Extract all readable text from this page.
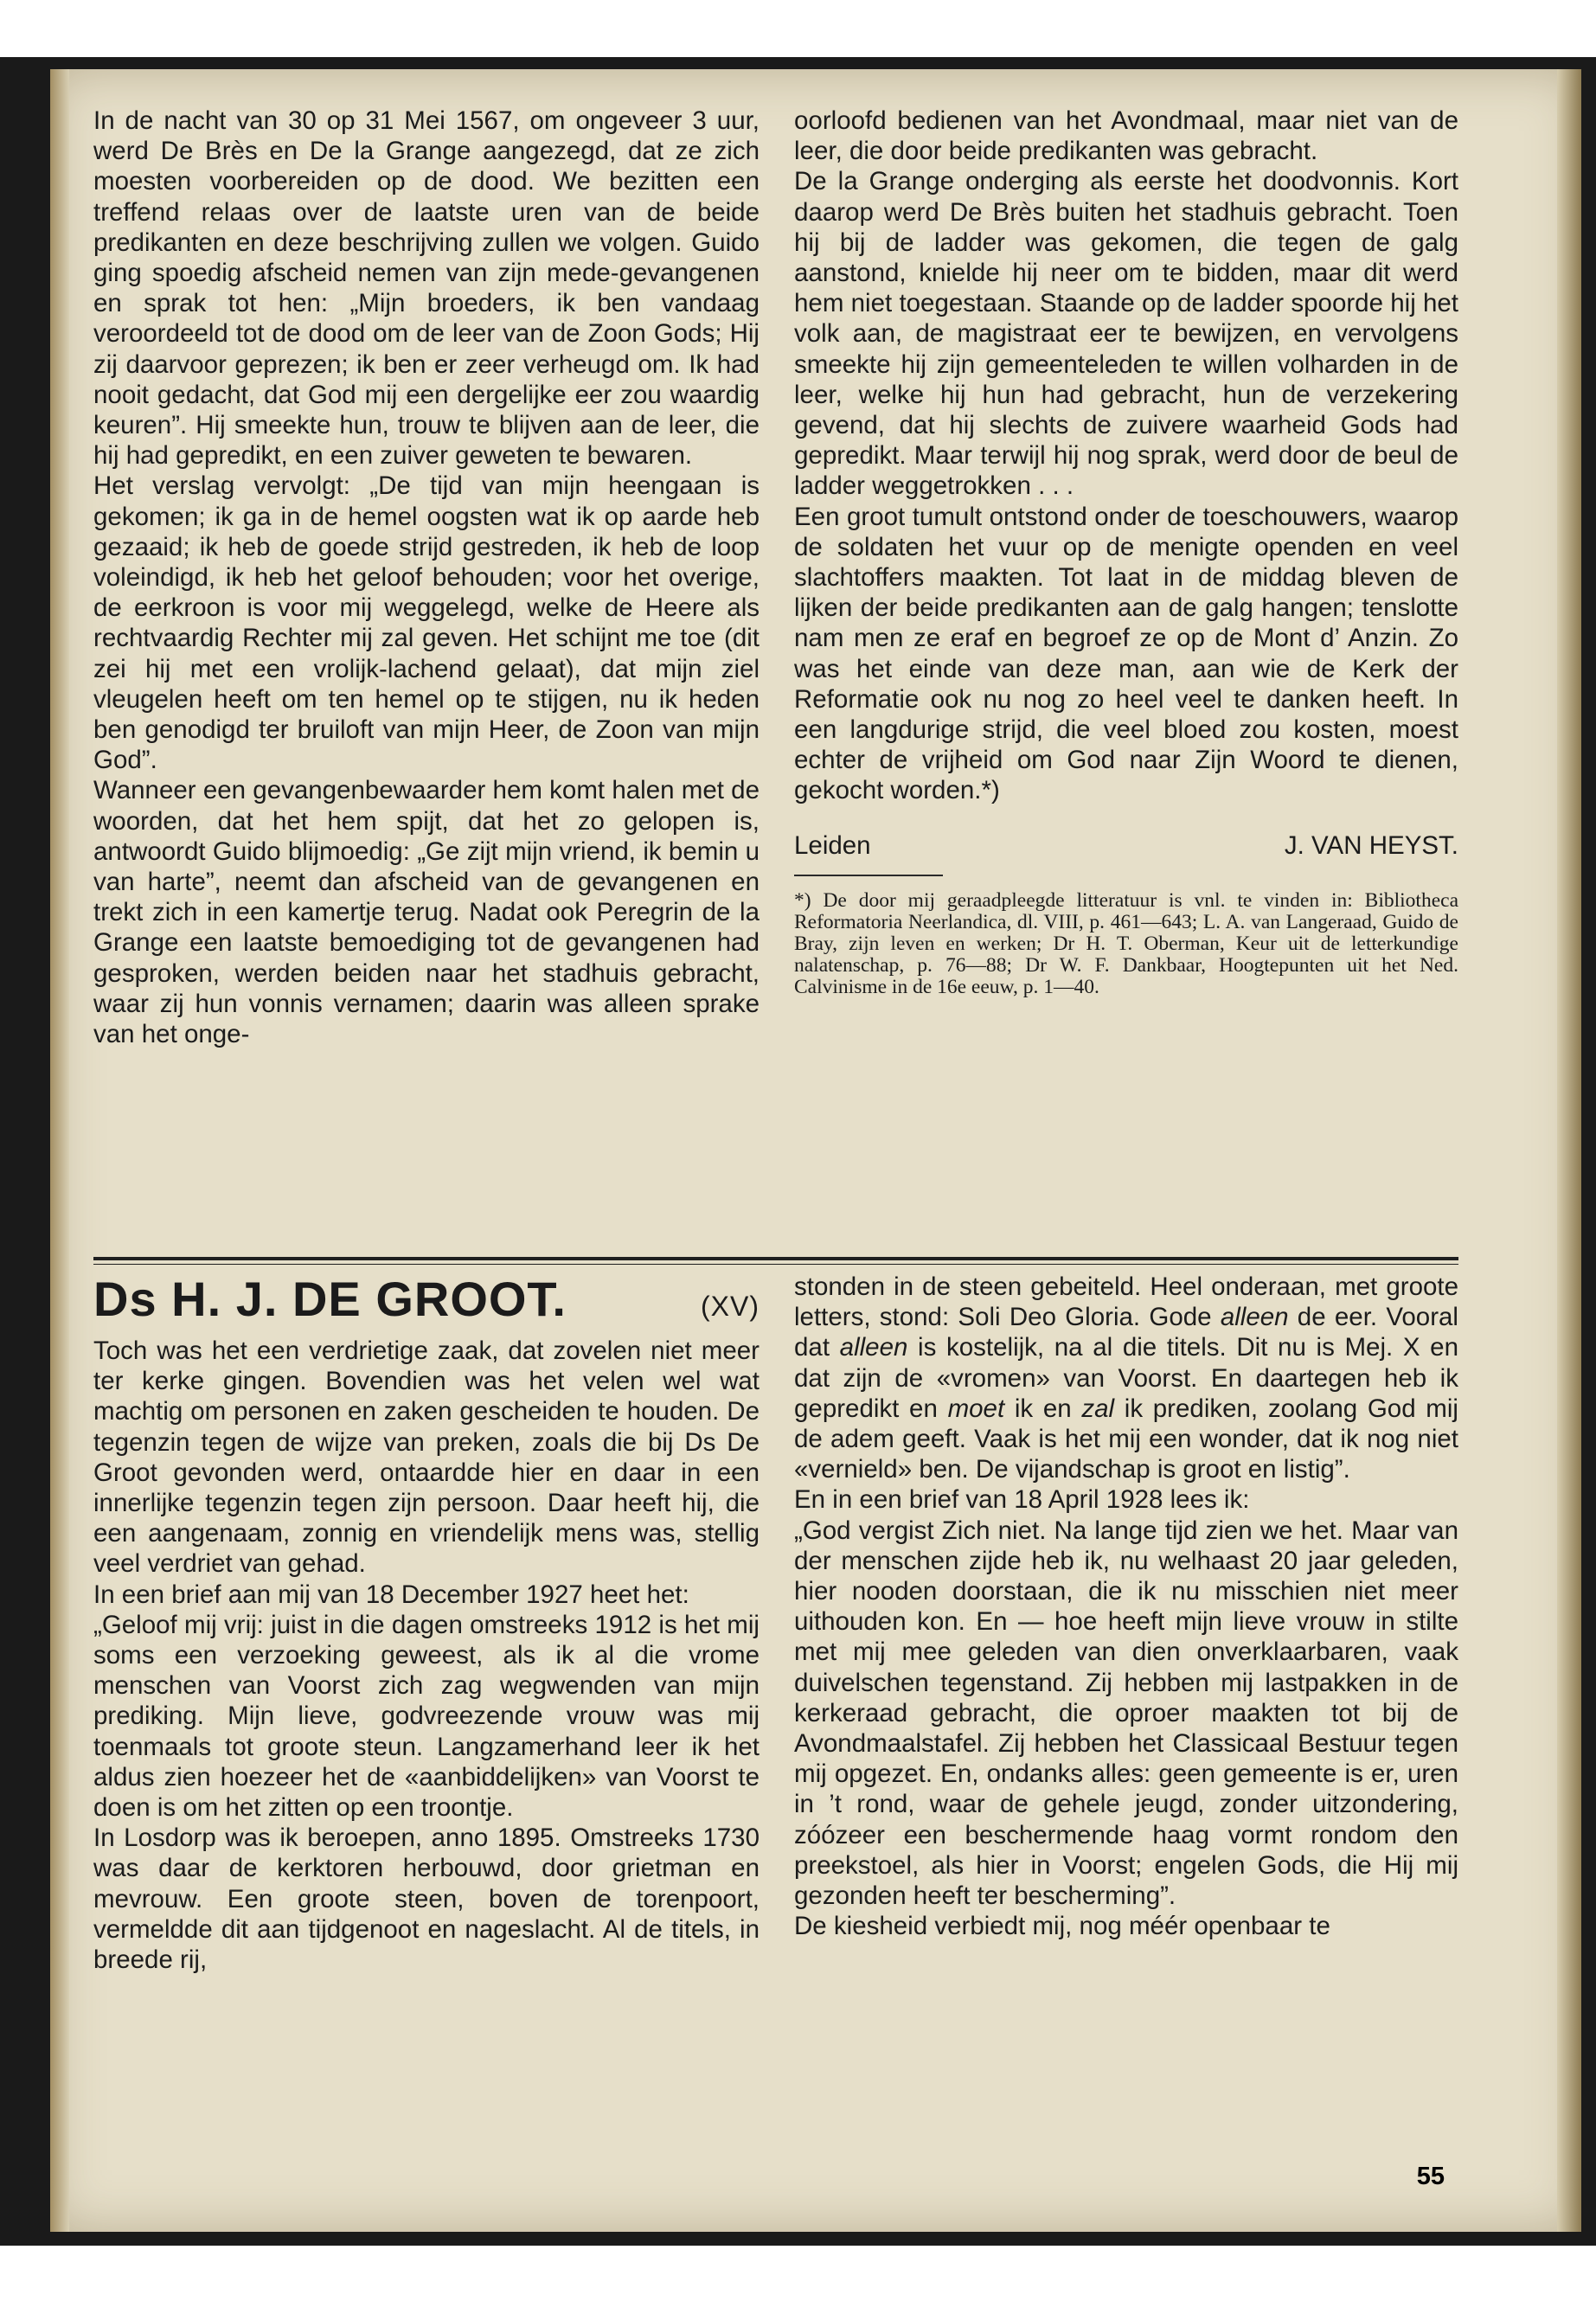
In de nacht van 30 op 31 Mei 1567, om ongeveer 3 uur, werd De Brès en De la Grange aangezegd, dat ze zich moesten voorbereiden op de dood. We bezitten een treffend relaas over de laatste uren van de beide predikanten en deze beschrijving zullen we volgen. Guido ging spoedig afscheid nemen van zijn mede-gevangenen en sprak tot hen: „Mijn broeders, ik ben vandaag veroordeeld tot de dood om de leer van de Zoon Gods; Hij zij daarvoor geprezen; ik ben er zeer verheugd om. Ik had nooit gedacht, dat God mij een dergelijke eer zou waardig keuren”. Hij smeekte hun, trouw te blijven aan de leer, die hij had gepredikt, en een zuiver geweten te bewaren.

Het verslag vervolgt: „De tijd van mijn heengaan is gekomen; ik ga in de hemel oogsten wat ik op aarde heb gezaaid; ik heb de goede strijd gestreden, ik heb de loop voleindigd, ik heb het geloof behouden; voor het overige, de eerkroon is voor mij weggelegd, welke de Heere als rechtvaardig Rechter mij zal geven. Het schijnt me toe (dit zei hij met een vrolijk-lachend gelaat), dat mijn ziel vleugelen heeft om ten hemel op te stijgen, nu ik heden ben genodigd ter bruiloft van mijn Heer, de Zoon van mijn God”.

Wanneer een gevangenbewaarder hem komt halen met de woorden, dat het hem spijt, dat het zo gelopen is, antwoordt Guido blijmoedig: „Ge zijt mijn vriend, ik bemin u van harte”, neemt dan afscheid van de gevangenen en trekt zich in een kamertje terug. Nadat ook Peregrin de la Grange een laatste bemoediging tot de gevangenen had gesproken, werden beiden naar het stadhuis gebracht, waar zij hun vonnis vernamen; daarin was alleen sprake van het onge-

oorloofd bedienen van het Avondmaal, maar niet van de leer, die door beide predikanten was gebracht.

De la Grange onderging als eerste het doodvonnis. Kort daarop werd De Brès buiten het stadhuis gebracht. Toen hij bij de ladder was gekomen, die tegen de galg aanstond, knielde hij neer om te bidden, maar dit werd hem niet toegestaan. Staande op de ladder spoorde hij het volk aan, de magistraat eer te bewijzen, en vervolgens smeekte hij zijn gemeenteleden te willen volharden in de leer, welke hij hun had gebracht, hun de verzekering gevend, dat hij slechts de zuivere waarheid Gods had gepredikt. Maar terwijl hij nog sprak, werd door de beul de ladder weggetrokken . . .

Een groot tumult ontstond onder de toeschouwers, waarop de soldaten het vuur op de menigte openden en veel slachtoffers maakten. Tot laat in de middag bleven de lijken der beide predikanten aan de galg hangen; tenslotte nam men ze eraf en begroef ze op de Mont d’ Anzin. Zo was het einde van deze man, aan wie de Kerk der Reformatie ook nu nog zo heel veel te danken heeft. In een langdurige strijd, die veel bloed zou kosten, moest echter de vrijheid om God naar Zijn Woord te dienen, gekocht worden.*)

Leiden	J. VAN HEYST.

*) De door mij geraadpleegde litteratuur is vnl. te vinden in: Bibliotheca Reformatoria Neerlandica, dl. VIII, p. 461—643; L. A. van Langeraad, Guido de Bray, zijn leven en werken; Dr H. T. Oberman, Keur uit de letterkundige nalatenschap, p. 76—88; Dr W. F. Dankbaar, Hoogtepunten uit het Ned. Calvinisme in de 16e eeuw, p. 1—40.

Ds H. J. DE GROOT.	(XV)

Toch was het een verdrietige zaak, dat zovelen niet meer ter kerke gingen. Bovendien was het velen wel wat machtig om personen en zaken gescheiden te houden. De tegenzin tegen de wijze van preken, zoals die bij Ds De Groot gevonden werd, ontaardde hier en daar in een innerlijke tegenzin tegen zijn persoon. Daar heeft hij, die een aangenaam, zonnig en vriendelijk mens was, stellig veel verdriet van gehad.

In een brief aan mij van 18 December 1927 heet het:

„Geloof mij vrij: juist in die dagen omstreeks 1912 is het mij soms een verzoeking geweest, als ik al die vrome menschen van Voorst zich zag wegwenden van mijn prediking. Mijn lieve, godvreezende vrouw was mij toenmaals tot groote steun. Langzamerhand leer ik het aldus zien hoezeer het de «aanbiddelijken» van Voorst te doen is om het zitten op een troontje.

In Losdorp was ik beroepen, anno 1895. Omstreeks 1730 was daar de kerktoren herbouwd, door grietman en mevrouw. Een groote steen, boven de torenpoort, vermeldde dit aan tijdgenoot en nageslacht. Al de titels, in breede rij,

stonden in de steen gebeiteld. Heel onderaan, met groote letters, stond: Soli Deo Gloria. Gode alleen de eer. Vooral dat alleen is kostelijk, na al die titels. Dit nu is Mej. X en dat zijn de «vromen» van Voorst. En daartegen heb ik gepredikt en moet ik en zal ik prediken, zoolang God mij de adem geeft. Vaak is het mij een wonder, dat ik nog niet «vernield» ben. De vijandschap is groot en listig”.

En in een brief van 18 April 1928 lees ik:

„God vergist Zich niet. Na lange tijd zien we het. Maar van der menschen zijde heb ik, nu welhaast 20 jaar geleden, hier nooden doorstaan, die ik nu misschien niet meer uithouden kon. En — hoe heeft mijn lieve vrouw in stilte met mij mee geleden van dien onverklaarbaren, vaak duivelschen tegenstand. Zij hebben mij lastpakken in de kerkeraad gebracht, die oproer maakten tot bij de Avondmaalstafel. Zij hebben het Classicaal Bestuur tegen mij opgezet. En, ondanks alles: geen gemeente is er, uren in ’t rond, waar de gehele jeugd, zonder uitzondering, zóózeer een beschermende haag vormt rondom den preekstoel, als hier in Voorst; engelen Gods, die Hij mij gezonden heeft ter bescherming”.

De kiesheid verbiedt mij, nog méér openbaar te

55
